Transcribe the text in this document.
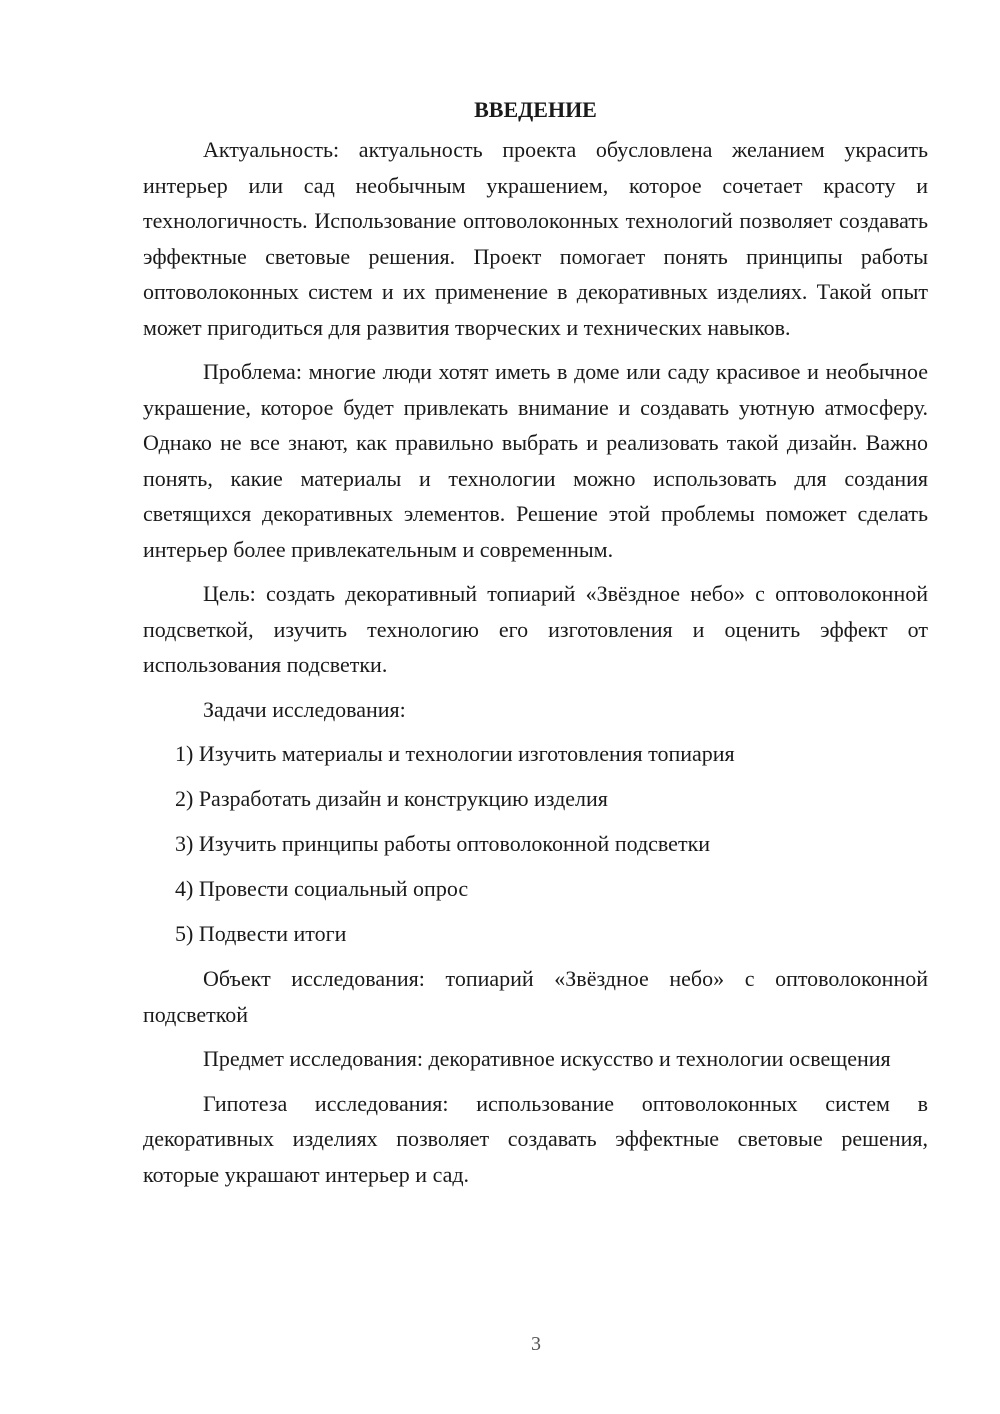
ВВЕДЕНИЕ

Актуальность: актуальность проекта обусловлена желанием украсить интерьер или сад необычным украшением, которое сочетает красоту и технологичность. Использование оптоволоконных технологий позволяет создавать эффектные световые решения. Проект помогает понять принципы работы оптоволоконных систем и их применение в декоративных изделиях. Такой опыт может пригодиться для развития творческих и технических навыков.

Проблема: многие люди хотят иметь в доме или саду красивое и необычное украшение, которое будет привлекать внимание и создавать уютную атмосферу. Однако не все знают, как правильно выбрать и реализовать такой дизайн. Важно понять, какие материалы и технологии можно использовать для создания светящихся декоративных элементов. Решение этой проблемы поможет сделать интерьер более привлекательным и современным.

Цель: создать декоративный топиарий «Звёздное небо» с оптоволоконной подсветкой, изучить технологию его изготовления и оценить эффект от использования подсветки.

Задачи исследования:

1) Изучить материалы и технологии изготовления топиария
2) Разработать дизайн и конструкцию изделия
3) Изучить принципы работы оптоволоконной подсветки
4) Провести социальный опрос
5) Подвести итоги

Объект исследования: топиарий «Звёздное небо» с оптоволоконной подсветкой

Предмет исследования: декоративное искусство и технологии освещения

Гипотеза исследования: использование оптоволоконных систем в декоративных изделиях позволяет создавать эффектные световые решения, которые украшают интерьер и сад.

3
